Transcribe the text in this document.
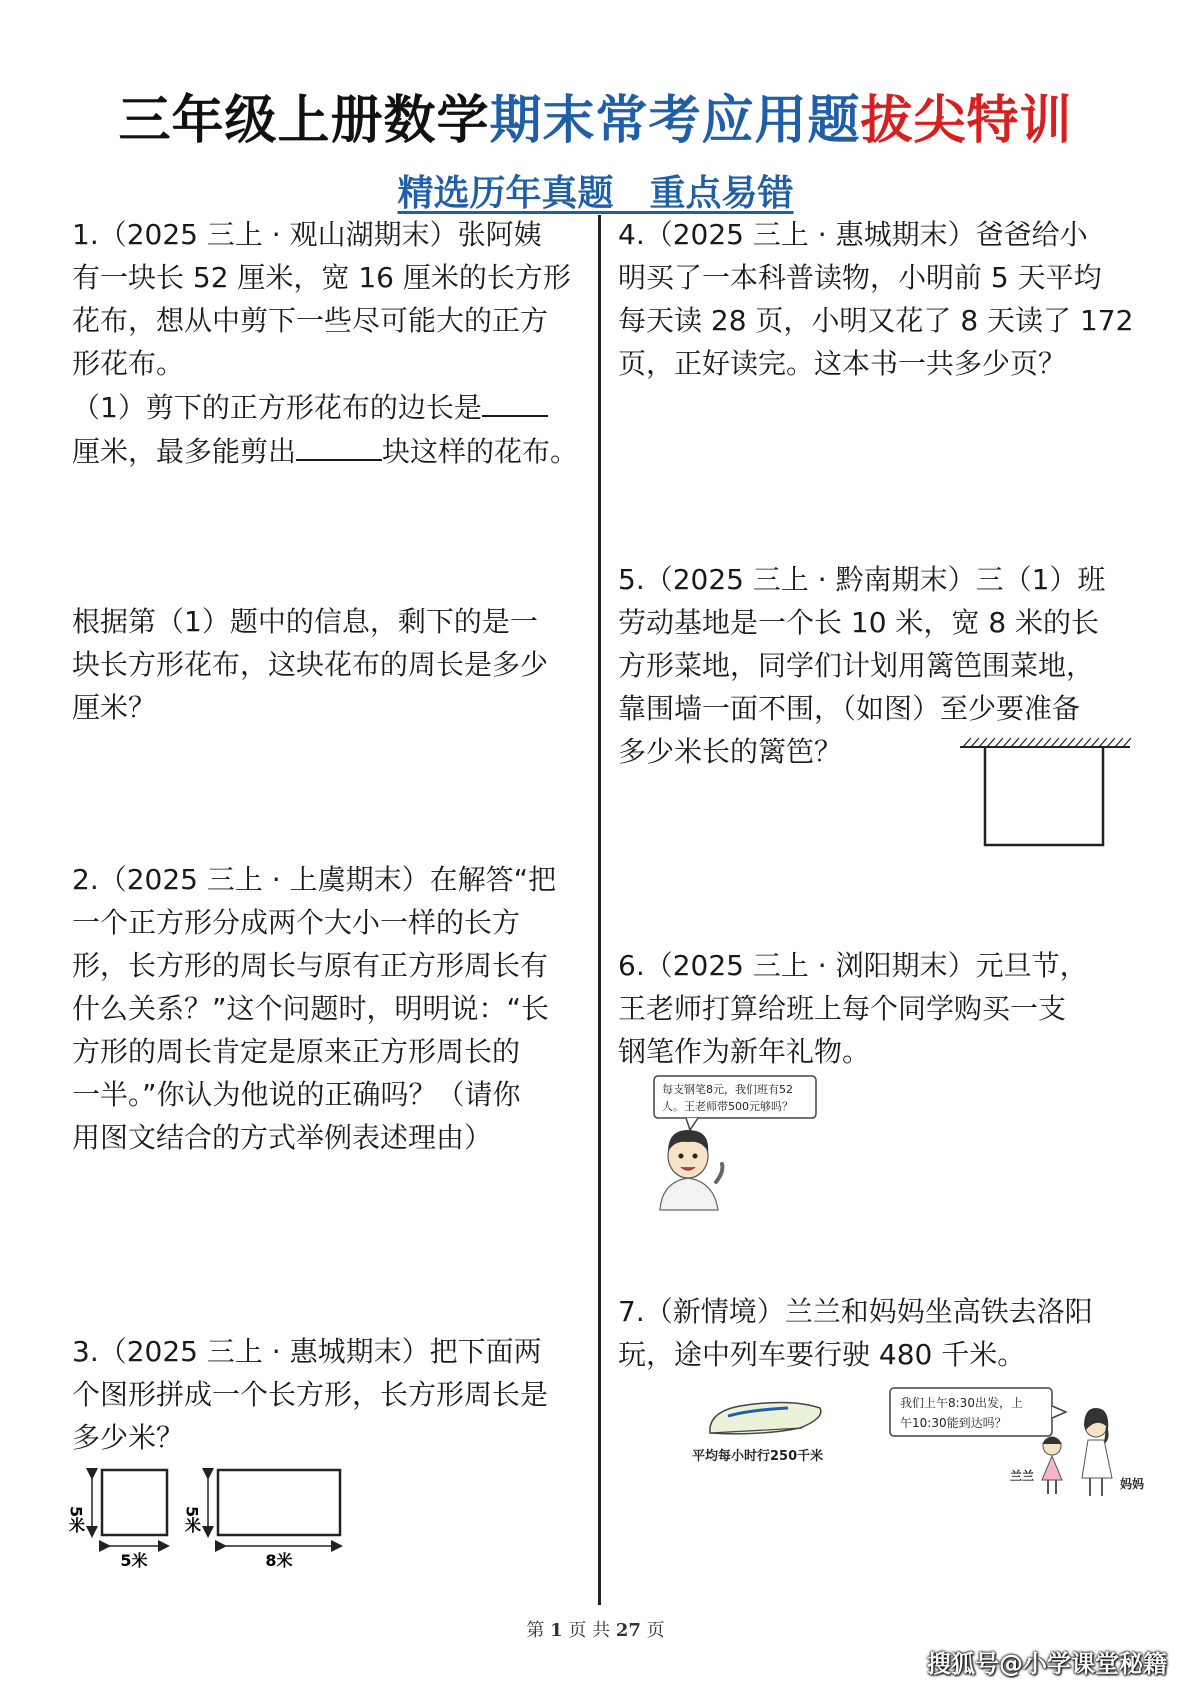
三年级上册数学期末常考应用题拔尖特训
精选历年真题　重点易错

1.（2025 三上 · 观山湖期末）张阿姨

有一块长 52 厘米，宽 16 厘米的长方形

花布，想从中剪下一些尽可能大的正方

形花布。

（1）剪下的正方形花布的边长是

厘米，最多能剪出	块这样的花布。

根据第（1）题中的信息，剩下的是一

块长方形花布，这块花布的周长是多少

厘米？

2.（2025 三上 · 上虞期末）在解答“把

一个正方形分成两个大小一样的长方

形，长方形的周长与原有正方形周长有

什么关系？”这个问题时，明明说：“长

方形的周长肯定是原来正方形周长的

一半。”你认为他说的正确吗？（请你

用图文结合的方式举例表述理由）

3.（2025 三上 · 惠城期末）把下面两

个图形拼成一个长方形，长方形周长是

多少米？

5米
5米
5米
8米

4.（2025 三上 · 惠城期末）爸爸给小

明买了一本科普读物，小明前 5 天平均

每天读 28 页，小明又花了 8 天读了 172

页，正好读完。这本书一共多少页？

5.（2025 三上 · 黔南期末）三（1）班

劳动基地是一个长 10 米，宽 8 米的长

方形菜地，同学们计划用篱笆围菜地，

靠围墙一面不围，（如图）至少要准备

多少米长的篱笆？

6.（2025 三上 · 浏阳期末）元旦节，

王老师打算给班上每个同学购买一支

钢笔作为新年礼物。

每支钢笔8元，我们班有52
人。王老师带500元够吗？

7.（新情境）兰兰和妈妈坐高铁去洛阳

玩，途中列车要行驶 480 千米。

平均每小时行250千米
我们上午8:30出发，上
午10:30能到达吗？
兰兰
妈妈
第 1 页 共 27 页
搜狐号@小学课堂秘籍
